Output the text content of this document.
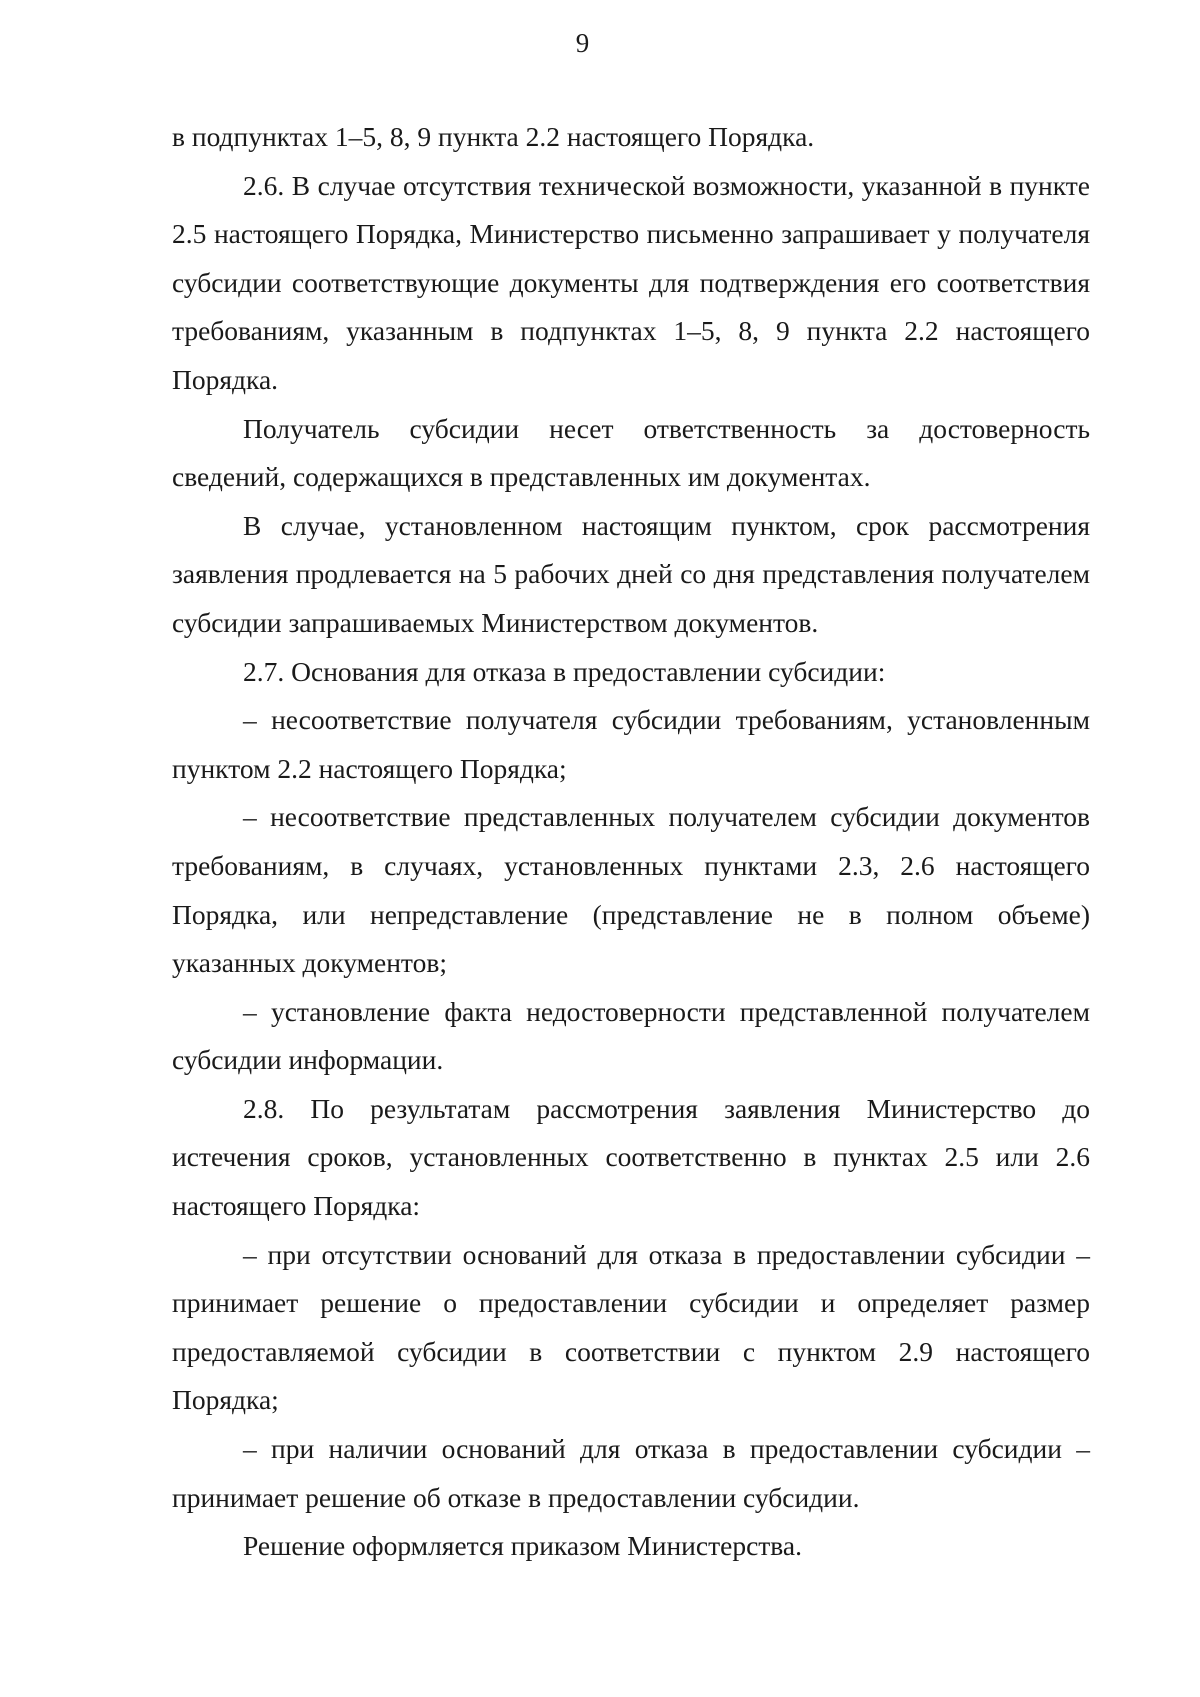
9

в подпунктах 1–5, 8, 9 пункта 2.2 настоящего Порядка.

2.6. В случае отсутствия технической возможности, указанной в пункте 2.5 настоящего Порядка, Министерство письменно запрашивает у получателя субсидии соответствующие документы для подтверждения его соответствия требованиям, указанным в подпунктах 1–5, 8, 9 пункта 2.2 настоящего Порядка.

Получатель субсидии несет ответственность за достоверность сведений, содержащихся в представленных им документах.

В случае, установленном настоящим пунктом, срок рассмотрения заявления продлевается на 5 рабочих дней со дня представления получателем субсидии запрашиваемых Министерством документов.

2.7. Основания для отказа в предоставлении субсидии:

– несоответствие получателя субсидии требованиям, установленным пунктом 2.2 настоящего Порядка;

– несоответствие представленных получателем субсидии документов требованиям, в случаях, установленных пунктами 2.3, 2.6 настоящего Порядка, или непредставление (представление не в полном объеме) указанных документов;

– установление факта недостоверности представленной получателем субсидии информации.

2.8. По результатам рассмотрения заявления Министерство до истечения сроков, установленных соответственно в пунктах 2.5 или 2.6 настоящего Порядка:

– при отсутствии оснований для отказа в предоставлении субсидии – принимает решение о предоставлении субсидии и определяет размер предоставляемой субсидии в соответствии с пунктом 2.9 настоящего Порядка;

– при наличии оснований для отказа в предоставлении субсидии – принимает решение об отказе в предоставлении субсидии.

Решение оформляется приказом Министерства.
